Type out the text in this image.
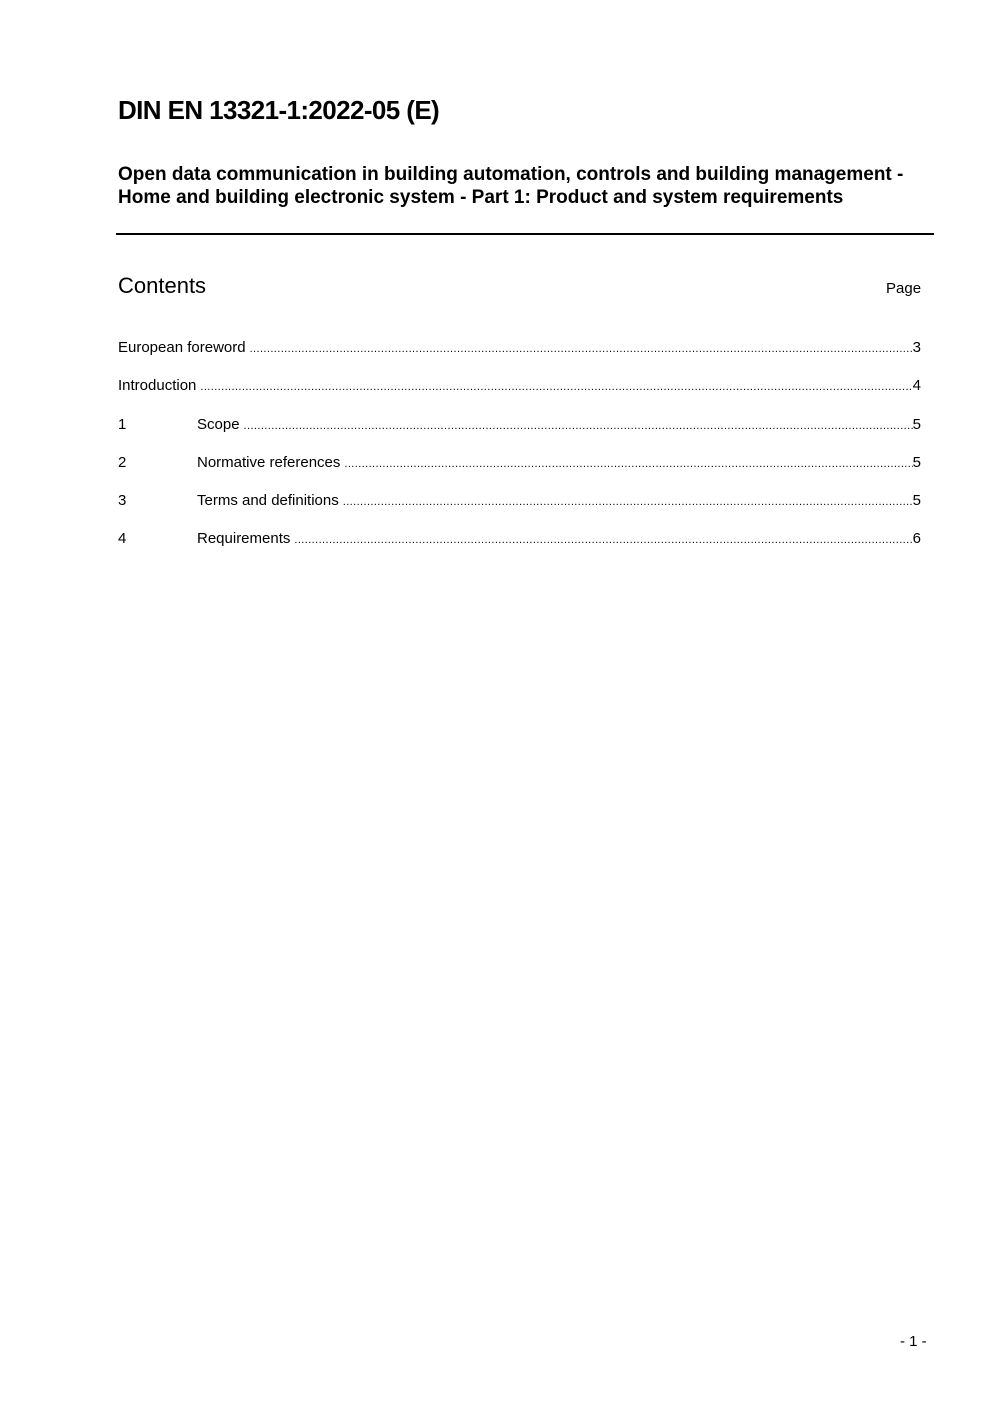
DIN EN 13321-1:2022-05 (E)
Open data communication in building automation, controls and building management - Home and building electronic system - Part 1: Product and system requirements
Contents	Page
European foreword .....	3
Introduction .....	4
1	Scope .....	5
2	Normative references .....	5
3	Terms and definitions .....	5
4	Requirements .....	6
- 1 -
